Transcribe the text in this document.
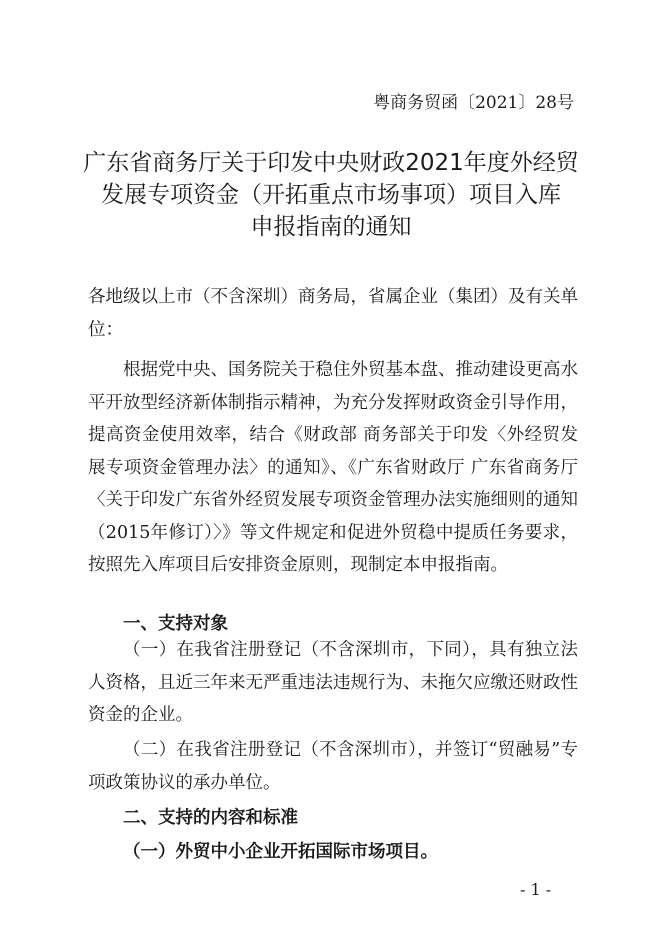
粤商务贸函〔2021〕28号
广东省商务厅关于印发中央财政2021年度外经贸
发展专项资金（开拓重点市场事项）项目入库
申报指南的通知
各地级以上市（不含深圳）商务局，省属企业（集团）及有关单位：
根据党中央、国务院关于稳住外贸基本盘、推动建设更高水平开放型经济新体制指示精神，为充分发挥财政资金引导作用，提高资金使用效率，结合《财政部 商务部关于印发〈外经贸发展专项资金管理办法〉的通知》、《广东省财政厅 广东省商务厅〈关于印发广东省外经贸发展专项资金管理办法实施细则的通知（2015年修订）〉》等文件规定和促进外贸稳中提质任务要求，按照先入库项目后安排资金原则，现制定本申报指南。
一、支持对象
（一）在我省注册登记（不含深圳市，下同），具有独立法人资格，且近三年来无严重违法违规行为、未拖欠应缴还财政性资金的企业。
（二）在我省注册登记（不含深圳市），并签订“贸融易”专项政策协议的承办单位。
二、支持的内容和标准
（一）外贸中小企业开拓国际市场项目。
- 1 -
